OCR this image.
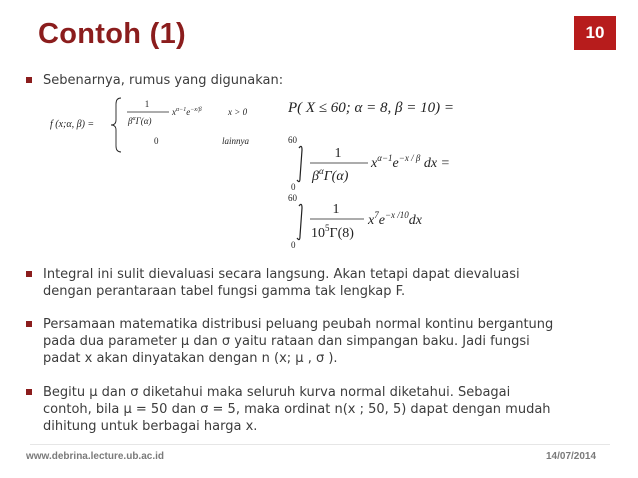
Contoh (1)	10
Sebenarnya, rumus yang digunakan:
f (x;α, β) =
1
$\beta^\alpha\Gamma(\alpha)$
$x^{\alpha-1}e^{-x/\beta}$	x > 0
0	lainnya
P( X ≤ 60; α = 8, β = 10) =
60
0
1
$\beta^\alpha\Gamma(\alpha)$
$x^{\alpha-1}e^{-x / \beta}$ dx =
60
0
1
$10^5\Gamma(8)$
$x^7e^{-x /10}dx$
Integral ini sulit dievaluasi secara langsung. Akan tetapi dapat dievaluasi
dengan perantaraan tabel fungsi gamma tak lengkap F.
Persamaan matematika distribusi peluang peubah normal kontinu bergantung
pada dua parameter μ dan σ yaitu rataan dan simpangan baku. Jadi fungsi
padat x akan dinyatakan dengan n (x; μ , σ ).
Begitu μ dan σ diketahui maka seluruh kurva normal diketahui. Sebagai
contoh, bila μ = 50 dan σ = 5, maka ordinat n(x ; 50, 5) dapat dengan mudah
dihitung untuk berbagai harga x.
www.debrina.lecture.ub.ac.id	14/07/2014
